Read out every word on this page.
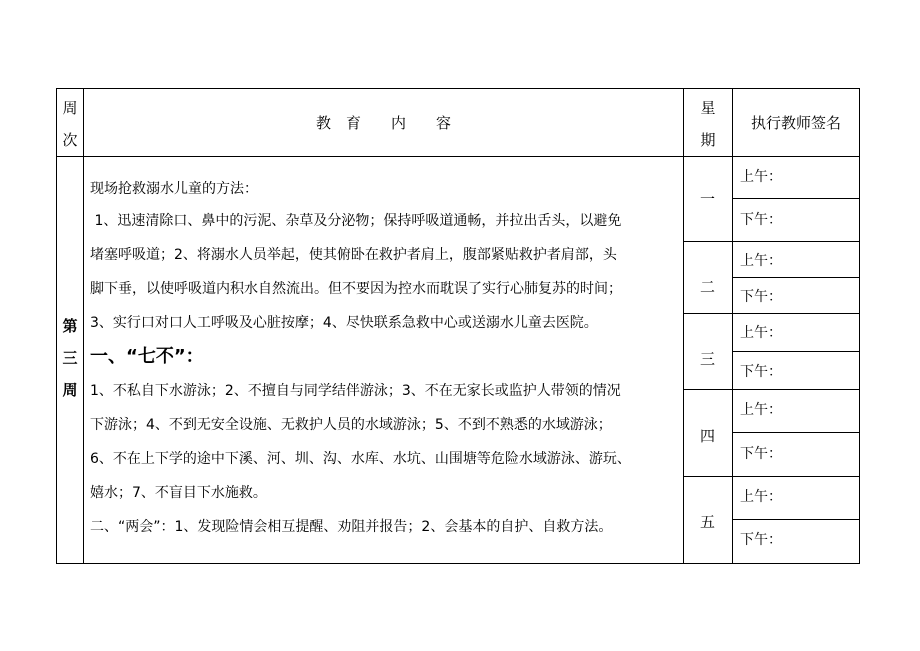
周
次
教　育　　内　　容
星
期
执行教师签名
第
三
周
现场抢救溺水儿童的方法：
1、迅速清除口、鼻中的污泥、杂草及分泌物；保持呼吸道通畅，并拉出舌头，以避免
堵塞呼吸道；2、将溺水人员举起，使其俯卧在救护者肩上，腹部紧贴救护者肩部，头
脚下垂，以使呼吸道内积水自然流出。但不要因为控水而耽误了实行心肺复苏的时间；
3、实行口对口人工呼吸及心脏按摩；4、尽快联系急救中心或送溺水儿童去医院。
一、“七不”：
1、不私自下水游泳；2、不擅自与同学结伴游泳；3、不在无家长或监护人带领的情况
下游泳；4、不到无安全设施、无救护人员的水域游泳；5、不到不熟悉的水域游泳；
6、不在上下学的途中下溪、河、圳、沟、水库、水坑、山围塘等危险水域游泳、游玩、
嬉水；7、不盲目下水施救。
二、“两会”：1、发现险情会相互提醒、劝阻并报告；2、会基本的自护、自救方法。
一
二
三
四
五
上午：
下午：
上午：
下午：
上午：
下午：
上午：
下午：
上午：
下午：
